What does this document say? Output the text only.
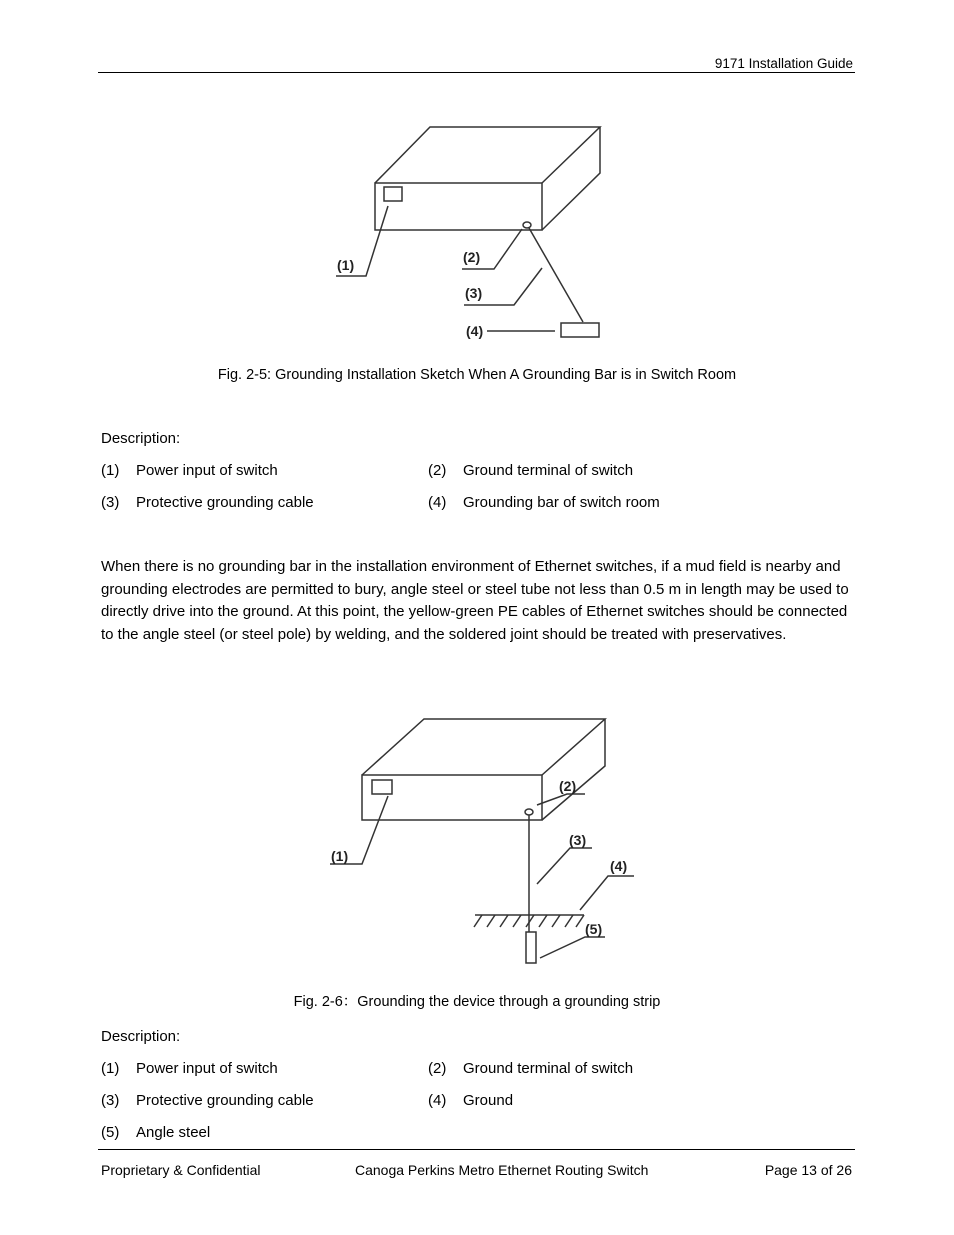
9171 Installation Guide
(1)	(2)
(3)
(4)
Fig. 2-5: Grounding Installation Sketch When A Grounding Bar is in Switch Room
Description:
(1) Power input of switch	(2) Ground terminal of switch
(3) Protective grounding cable	(4) Grounding bar of switch room
When there is no grounding bar in the installation environment of Ethernet switches, if a mud field is nearby and grounding electrodes are permitted to bury, angle steel or steel tube not less than 0.5 m in length may be used to directly drive into the ground. At this point, the yellow-green PE cables of Ethernet switches should be connected to the angle steel (or steel pole) by welding, and the soldered joint should be treated with preservatives.
(1)
(2)
(3)
(4)
(5)
Fig. 2-6：Grounding the device through a grounding strip
Description:
(1) Power input of switch	(2) Ground terminal of switch
(3) Protective grounding cable	(4) Ground
(5) Angle steel
Proprietary & Confidential	Canoga Perkins Metro Ethernet Routing Switch	Page 13 of 26
